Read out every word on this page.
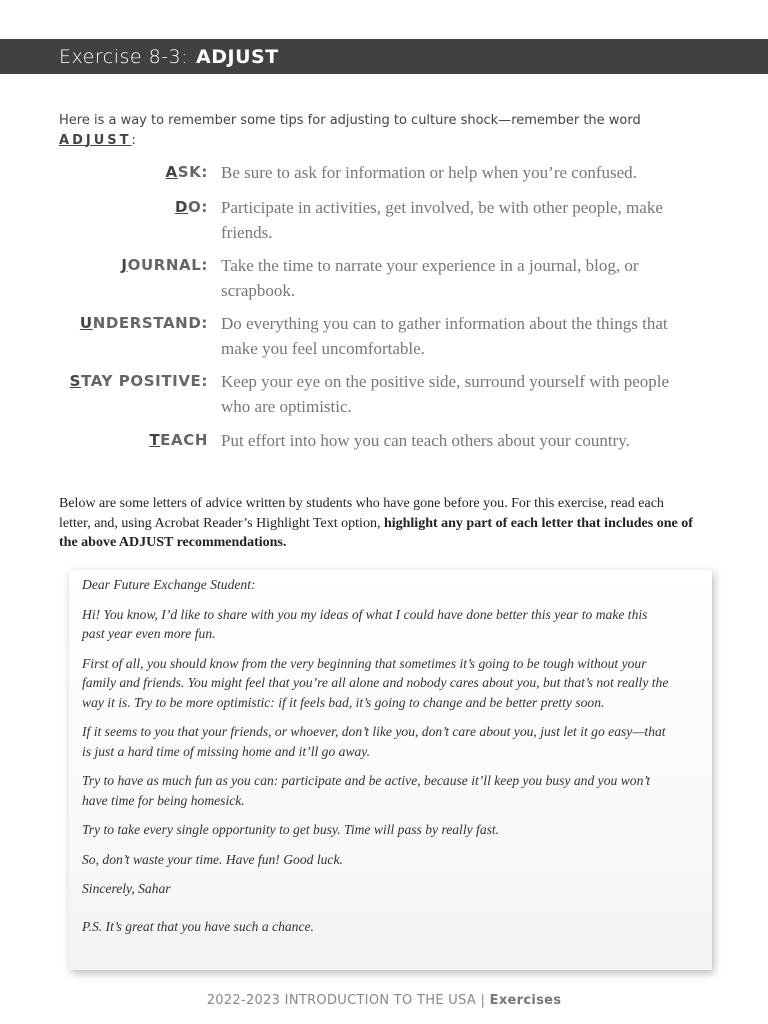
Exercise 8-3: ADJUST
Here is a way to remember some tips for adjusting to culture shock—remember the word
ADJUST:
ASK: Be sure to ask for information or help when you’re confused.
DO: Participate in activities, get involved, be with other people, make friends.
JOURNAL: Take the time to narrate your experience in a journal, blog, or scrapbook.
UNDERSTAND: Do everything you can to gather information about the things that make you feel uncomfortable.
STAY POSITIVE: Keep your eye on the positive side, surround yourself with people who are optimistic.
TEACH Put effort into how you can teach others about your country.
Below are some letters of advice written by students who have gone before you. For this exercise, read each letter, and, using Acrobat Reader’s Highlight Text option, highlight any part of each letter that includes one of the above ADJUST recommendations.

Dear Future Exchange Student:

Hi! You know, I’d like to share with you my ideas of what I could have done better this year to make this past year even more fun.

First of all, you should know from the very beginning that sometimes it’s going to be tough without your family and friends. You might feel that you’re all alone and nobody cares about you, but that’s not really the way it is. Try to be more optimistic: if it feels bad, it’s going to change and be better pretty soon.

If it seems to you that your friends, or whoever, don’t like you, don’t care about you, just let it go easy—that is just a hard time of missing home and it’ll go away.

Try to have as much fun as you can: participate and be active, because it’ll keep you busy and you won’t have time for being homesick.

Try to take every single opportunity to get busy. Time will pass by really fast.

So, don’t waste your time. Have fun! Good luck.

Sincerely, Sahar

P.S. It’s great that you have such a chance.

2022-2023 INTRODUCTION TO THE USA | Exercises
